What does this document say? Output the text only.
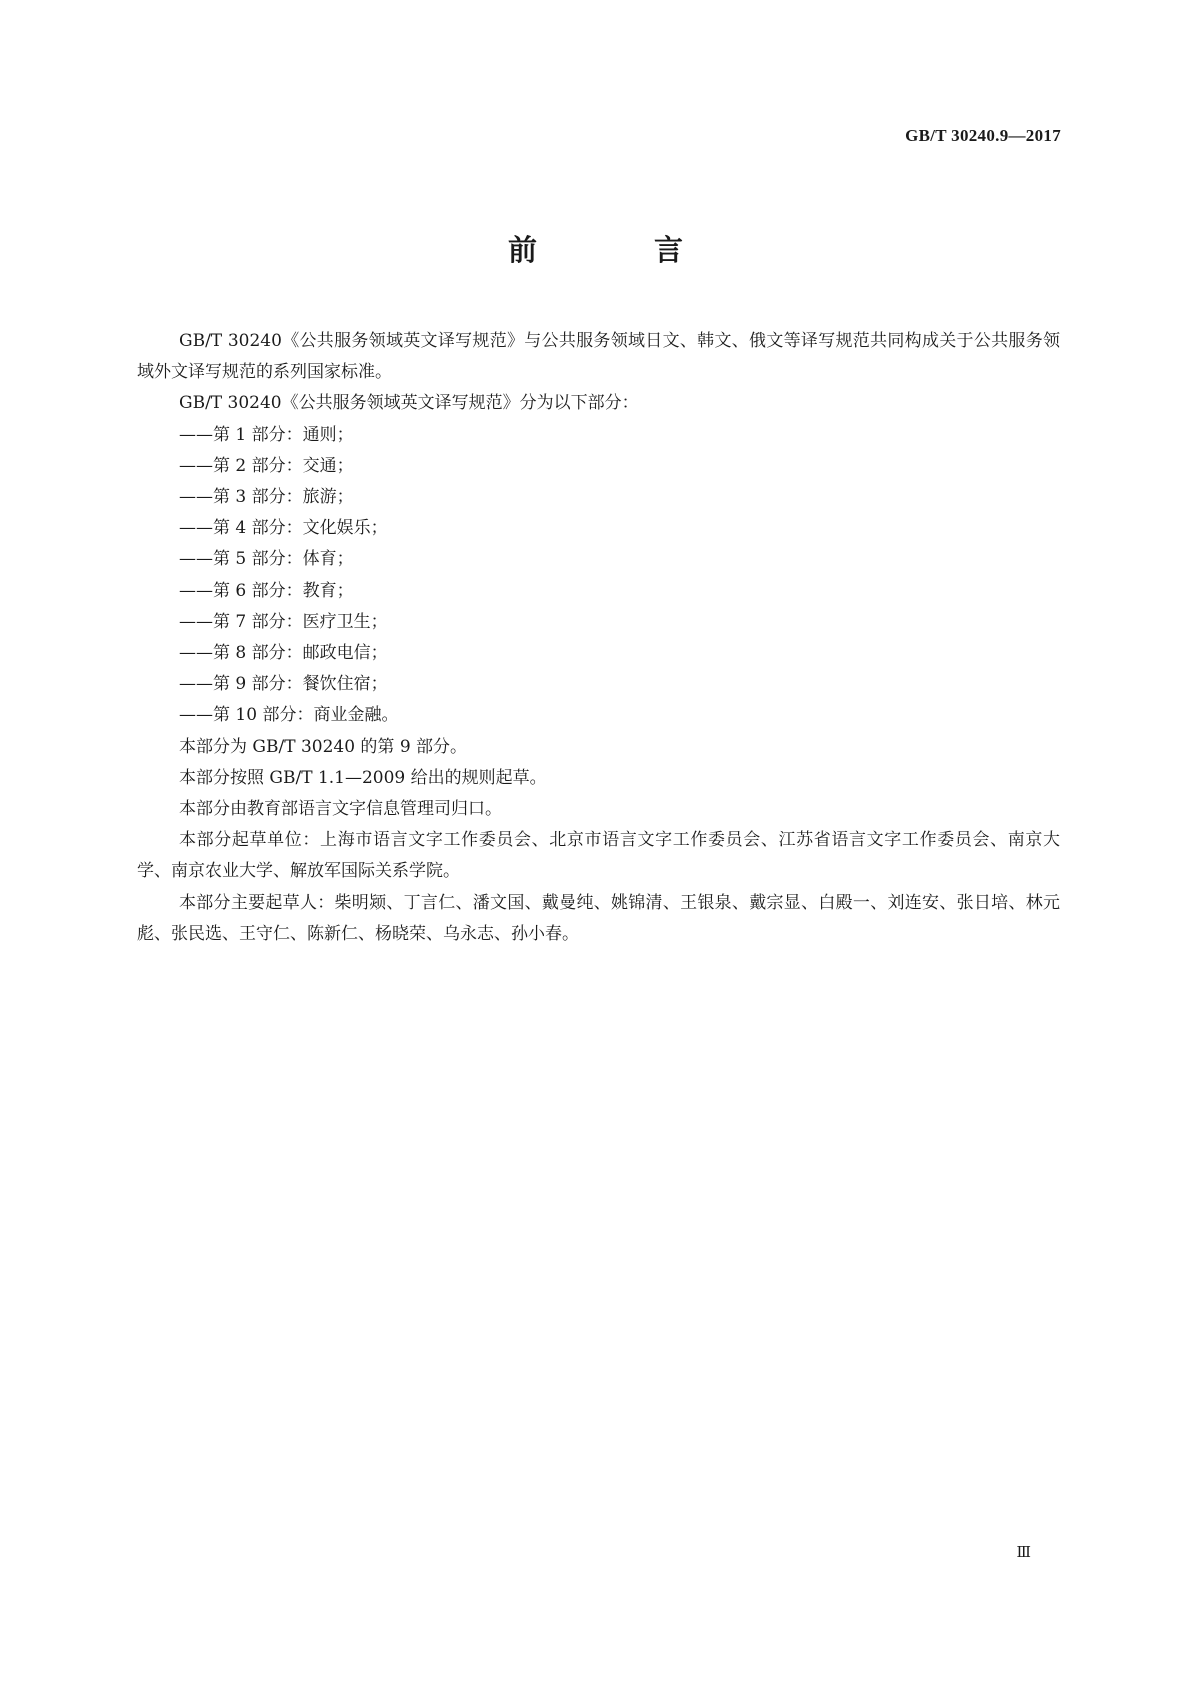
GB/T 30240.9—2017
前　言

GB/T 30240《公共服务领域英文译写规范》与公共服务领域日文、韩文、俄文等译写规范共同构成关于公共服务领域外文译写规范的系列国家标准。

GB/T 30240《公共服务领域英文译写规范》分为以下部分：

——第 1 部分：通则；

——第 2 部分：交通；

——第 3 部分：旅游；

——第 4 部分：文化娱乐；

——第 5 部分：体育；

——第 6 部分：教育；

——第 7 部分：医疗卫生；

——第 8 部分：邮政电信；

——第 9 部分：餐饮住宿；

——第 10 部分：商业金融。

本部分为 GB/T 30240 的第 9 部分。

本部分按照 GB/T 1.1—2009 给出的规则起草。

本部分由教育部语言文字信息管理司归口。

本部分起草单位：上海市语言文字工作委员会、北京市语言文字工作委员会、江苏省语言文字工作委员会、南京大学、南京农业大学、解放军国际关系学院。

本部分主要起草人：柴明颎、丁言仁、潘文国、戴曼纯、姚锦清、王银泉、戴宗显、白殿一、刘连安、张日培、林元彪、张民选、王守仁、陈新仁、杨晓荣、乌永志、孙小春。

Ⅲ
